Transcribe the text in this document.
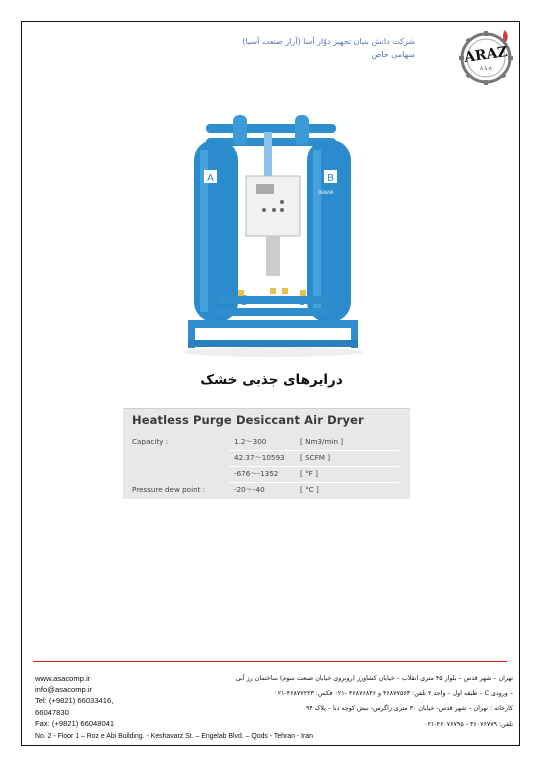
شرکت دانش بنیان تجهیز دوّار آسا (آراز صنعت آسیا)
سهامی خاص	ARAZ
A.S.A
A	B
DENAIR
درایرهای جذبی خشک
Heatless Purge Desiccant Air Dryer
Capacity :	1.2〜300	[ Nm3/min ]
42.37〜10593 [ SCFM ]
-676〜-1352	[ °F ]
Pressure dew point :	-20〜-40	[ °C ]
www.asacomp.ir
info@asacomp.ir
Tel: (+9821) 66033416,
66047830
Fax: (+9821) 66048041
تهران – شهر قدس – بلوار ۴۵ متری انقلاب – خیابان کشاورز (روبروی خیابان صنعت سوم) ساختمان رز آبی
– ورودی C – طبقه اول – واحد ۲ تلفن: ۴۶۸۷۷۵۶۳ و ۴۶۸۷۶۸۴۶ -۰۲۱ فکس: ۴۶۸۷۷۲۲۳-۰۲۱
کارخانه : تهران – شهر قدس- خیابان ۳۰ متری زاگرس- نبش کوچه دنا – پلاک ۹۴
تلفن: ۴۶۰۷۶۷۷۹ - ۴۶۰۷۶۷۹۵-۰۲۱
No. 2 - Floor 1 – Roz e Abi Building. - Keshavarz St. – Engelab Blvd. – Qods - Tehran - Iran
